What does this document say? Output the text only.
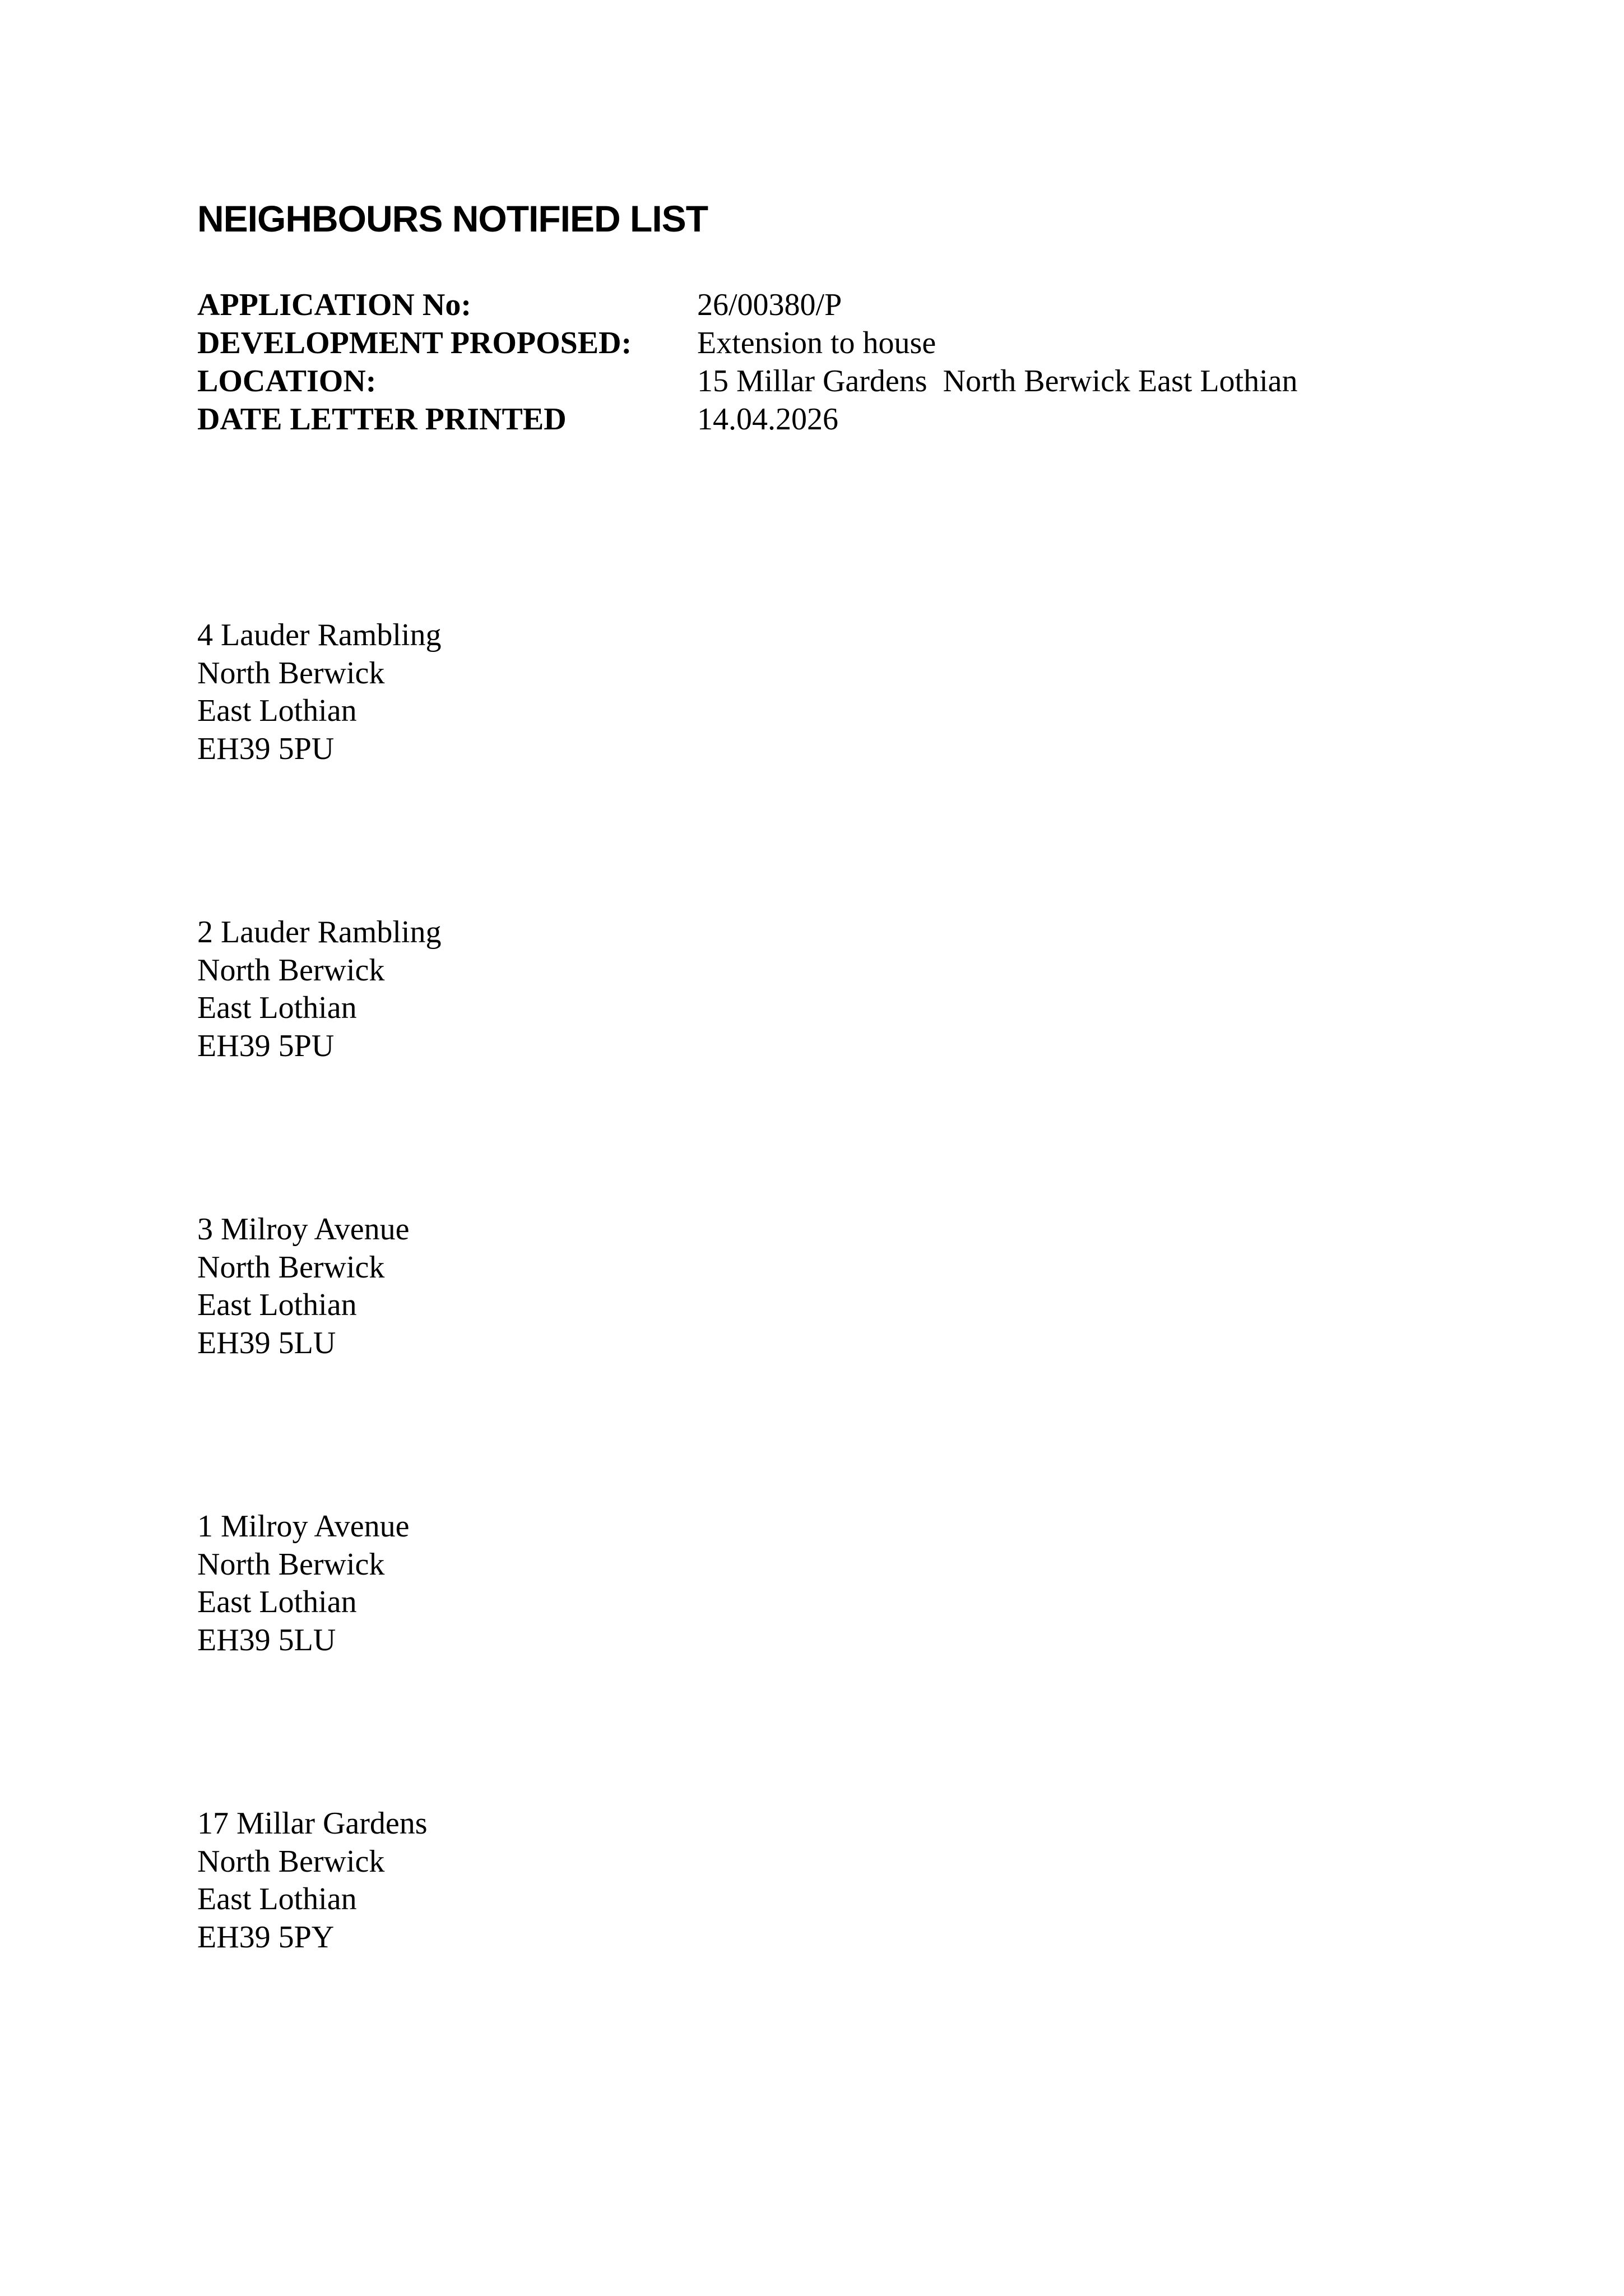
NEIGHBOURS NOTIFIED LIST
APPLICATION No:	26/00380/P
DEVELOPMENT PROPOSED:	Extension to house
LOCATION:	15 Millar Gardens  North Berwick East Lothian
DATE LETTER PRINTED	14.04.2026
4 Lauder Rambling
North Berwick
East Lothian
EH39 5PU
2 Lauder Rambling
North Berwick
East Lothian
EH39 5PU
3 Milroy Avenue
North Berwick
East Lothian
EH39 5LU
1 Milroy Avenue
North Berwick
East Lothian
EH39 5LU
17 Millar Gardens
North Berwick
East Lothian
EH39 5PY
